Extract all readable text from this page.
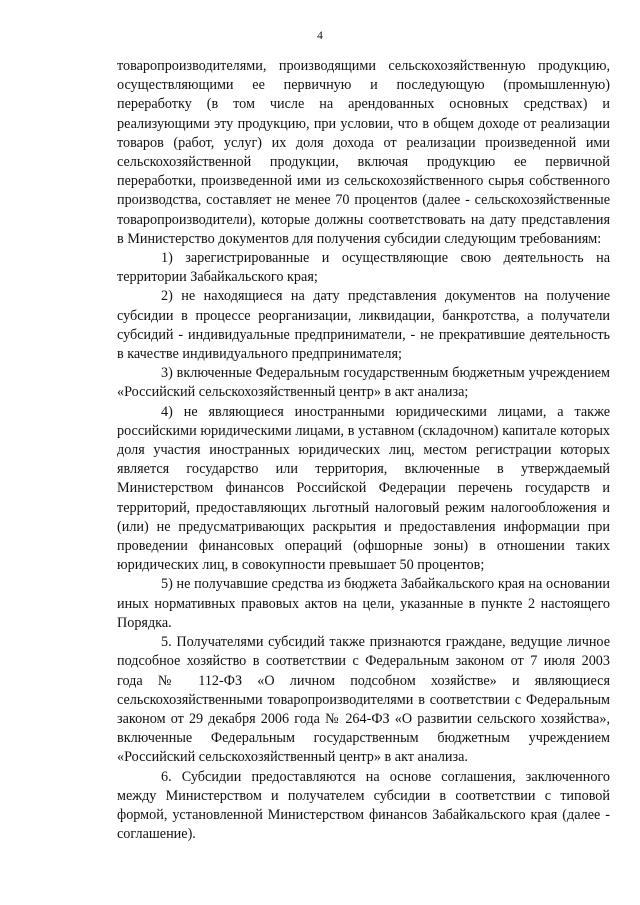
4

товаропроизводителями, производящими сельскохозяйственную продукцию, осуществляющими ее первичную и последующую (промышленную) переработку (в том числе на арендованных основных средствах) и реализующими эту продукцию, при условии, что в общем доходе от реализации товаров (работ, услуг) их доля дохода от реализации произведенной ими сельскохозяйственной продукции, включая продукцию ее первичной переработки, произведенной ими из сельскохозяйственного сырья собственного производства, составляет не менее 70 процентов (далее - сельскохозяйственные товаропроизводители), которые должны соответствовать на дату представления в Министерство документов для получения субсидии следующим требованиям:

1) зарегистрированные и осуществляющие свою деятельность на территории Забайкальского края;

2) не находящиеся на дату представления документов на получение субсидии в процессе реорганизации, ликвидации, банкротства, а получатели субсидий - индивидуальные предприниматели, - не прекратившие деятельность в качестве индивидуального предпринимателя;

3) включенные Федеральным государственным бюджетным учреждением «Российский сельскохозяйственный центр» в акт анализа;

4) не являющиеся иностранными юридическими лицами, а также российскими юридическими лицами, в уставном (складочном) капитале которых доля участия иностранных юридических лиц, местом регистрации которых является государство или территория, включенные в утверждаемый Министерством финансов Российской Федерации перечень государств и территорий, предоставляющих льготный налоговый режим налогообложения и (или) не предусматривающих раскрытия и предоставления информации при проведении финансовых операций (офшорные зоны) в отношении таких юридических лиц, в совокупности превышает 50 процентов;

5) не получавшие средства из бюджета Забайкальского края на основании иных нормативных правовых актов на цели, указанные в пункте 2 настоящего Порядка.

5. Получателями субсидий также признаются граждане, ведущие личное подсобное хозяйство в соответствии с Федеральным законом от 7 июля 2003 года № 112-ФЗ «О личном подсобном хозяйстве» и являющиеся сельскохозяйственными товаропроизводителями в соответствии с Федеральным законом от 29 декабря 2006 года № 264-ФЗ «О развитии сельского хозяйства», включенные Федеральным государственным бюджетным учреждением «Российский сельскохозяйственный центр» в акт анализа.

6. Субсидии предоставляются на основе соглашения, заключенного между Министерством и получателем субсидии в соответствии с типовой формой, установленной Министерством финансов Забайкальского края (далее - соглашение).
